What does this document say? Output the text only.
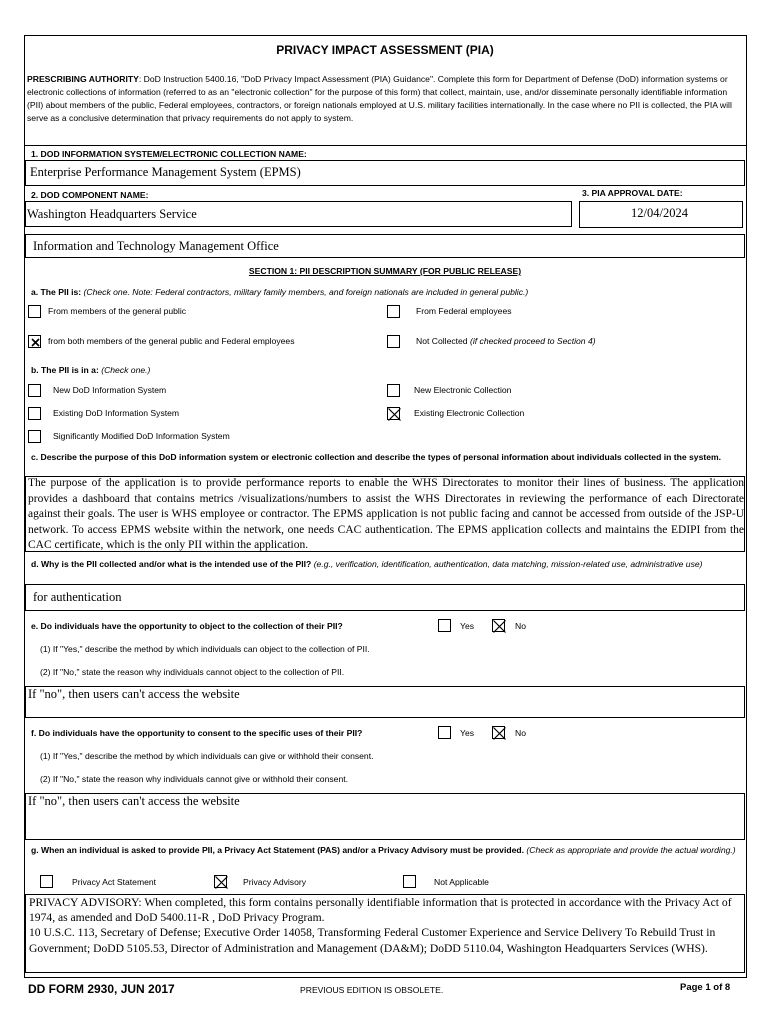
PRIVACY IMPACT ASSESSMENT (PIA)
PRESCRIBING AUTHORITY: DoD Instruction 5400.16, "DoD Privacy Impact Assessment (PIA) Guidance". Complete this form for Department of Defense (DoD) information systems or electronic collections of information (referred to as an "electronic collection" for the purpose of this form) that collect, maintain, use, and/or disseminate personally identifiable information (PII) about members of the public, Federal employees, contractors, or foreign nationals employed at U.S. military facilities internationally. In the case where no PII is collected, the PIA will serve as a conclusive determination that privacy requirements do not apply to system.
1. DOD INFORMATION SYSTEM/ELECTRONIC COLLECTION NAME:
Enterprise Performance Management System (EPMS)
2. DOD COMPONENT NAME:	3. PIA APPROVAL DATE:
Washington Headquarters Service	12/04/2024
Information and Technology Management Office
SECTION 1: PII DESCRIPTION SUMMARY (FOR PUBLIC RELEASE)
a. The PII is: (Check one. Note: Federal contractors, military family members, and foreign nationals are included in general public.)
From members of the general public	From Federal employees
from both members of the general public and Federal employees	Not Collected (if checked proceed to Section 4)
b. The PII is in a: (Check one.)
New DoD Information System	New Electronic Collection
Existing DoD Information System	Existing Electronic Collection
Significantly Modified DoD Information System
c. Describe the purpose of this DoD information system or electronic collection and describe the types of personal information about individuals collected in the system.
The purpose of the application is to provide performance reports to enable the WHS Directorates to monitor their lines of business. The application provides a dashboard that contains metrics /visualizations/numbers to assist the WHS Directorates in reviewing the performance of each Directorate against their goals. The user is WHS employee or contractor. The EPMS application is not public facing and cannot be accessed from outside of the JSP-U network. To access EPMS website within the network, one needs CAC authentication. The EPMS application collects and maintains the EDIPI from the CAC certificate, which is the only PII within the application.
d. Why is the PII collected and/or what is the intended use of the PII? (e.g., verification, identification, authentication, data matching, mission-related use, administrative use)
for authentication
e. Do individuals have the opportunity to object to the collection of their PII?	Yes	No
(1) If "Yes," describe the method by which individuals can object to the collection of PII.
(2) If "No," state the reason why individuals cannot object to the collection of PII.
If "no", then users can't access the website
f. Do individuals have the opportunity to consent to the specific uses of their PII?	Yes	No
(1) If "Yes," describe the method by which individuals can give or withhold their consent.
(2) If "No," state the reason why individuals cannot give or withhold their consent.
If "no", then users can't access the website
g. When an individual is asked to provide PII, a Privacy Act Statement (PAS) and/or a Privacy Advisory must be provided. (Check as appropriate and provide the actual wording.)
Privacy Act Statement	Privacy Advisory	Not Applicable
PRIVACY ADVISORY: When completed, this form contains personally identifiable information that is protected in accordance with the Privacy Act of 1974, as amended and DoD 5400.11-R , DoD Privacy Program.
10 U.S.C. 113, Secretary of Defense; Executive Order 14058, Transforming Federal Customer Experience and Service Delivery To Rebuild Trust in Government; DoDD 5105.53, Director of Administration and Management (DA&M); DoDD 5110.04, Washington Headquarters Services (WHS).
DD FORM 2930, JUN 2017	PREVIOUS EDITION IS OBSOLETE.	Page 1 of 8
